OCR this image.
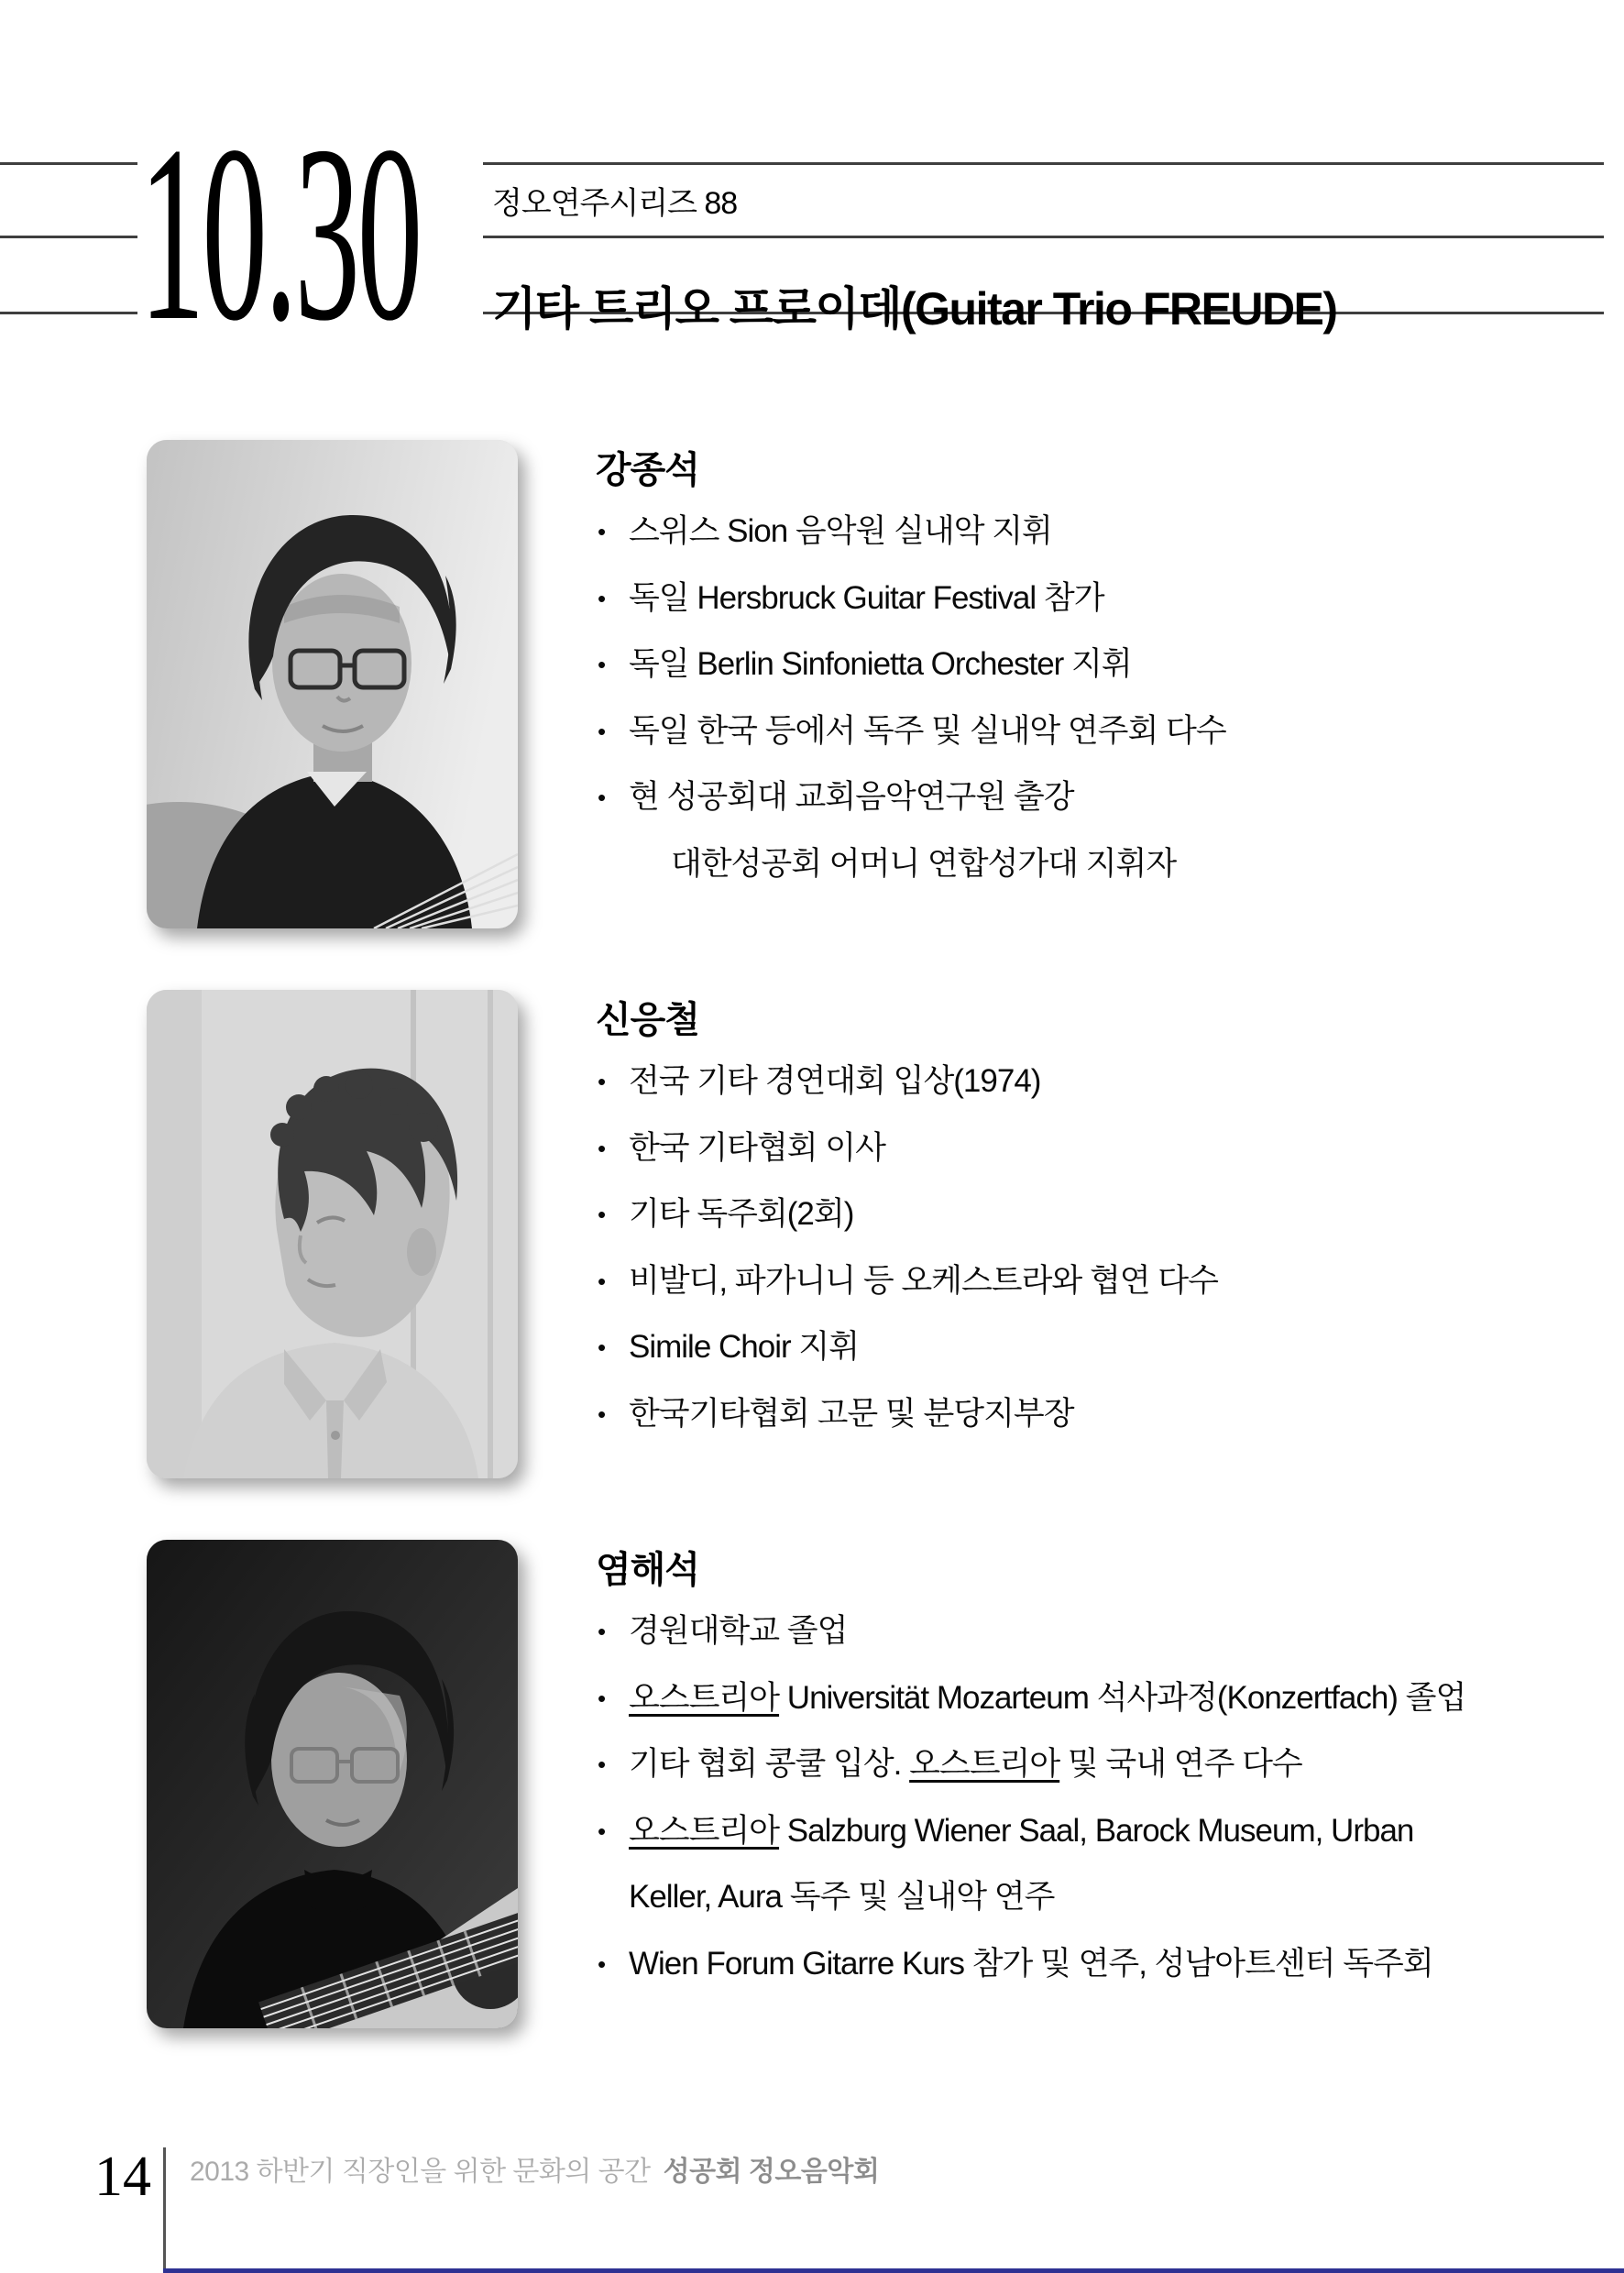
10.30 정오연주시리즈 88
기타 트리오 프로이데(Guitar Trio FREUDE)
강종석
• 스위스 Sion 음악원 실내악 지휘
• 독일 Hersbruck Guitar Festival 참가
• 독일 Berlin Sinfonietta Orchester 지휘
• 독일 한국 등에서 독주 및 실내악 연주회 다수
• 현 성공회대 교회음악연구원 출강
대한성공회 어머니 연합성가대 지휘자
신응철
• 전국 기타 경연대회 입상(1974)
• 한국 기타협회 이사
• 기타 독주회(2회)
• 비발디, 파가니니 등 오케스트라와 협연 다수
• Simile Choir 지휘
• 한국기타협회 고문 및 분당지부장
염해석
• 경원대학교 졸업
• 오스트리아 Universität Mozarteum 석사과정(Konzertfach) 졸업
• 기타 협회 콩쿨 입상. 오스트리아 및 국내 연주 다수
• 오스트리아 Salzburg Wiener Saal, Barock Museum, Urban
Keller, Aura 독주 및 실내악 연주
• Wien Forum Gitarre Kurs 참가 및 연주, 성남아트센터 독주회
14 2013 하반기 직장인을 위한 문화의 공간 성공회 정오음악회
